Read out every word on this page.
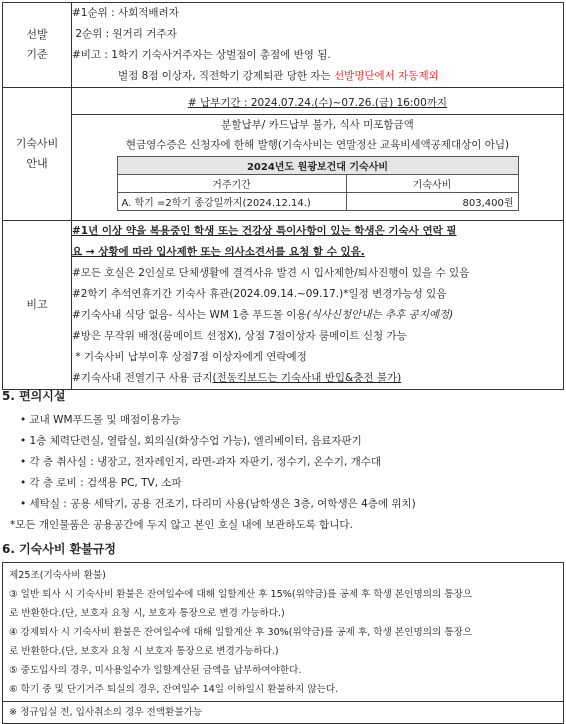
선발
기준

#1순위 : 사회적배려자
2순위 : 원거리 거주자
#비고 : 1학기 기숙사거주자는 상벌점이 총점에 반영 됨.
벌점 8점 이상자, 직전학기 강제퇴관 당한 자는 선발명단에서 자동제외

기숙사비
안내

# 납부기간 : 2024.07.24.(수)~07.26.(금) 16:00까지
분할납부/ 카드납부 불가, 식사 미포함금액
현금영수증은 신청자에 한해 발행(기숙사비는 연말정산 교육비세액공제대상이 아님)
2024년도 원광보건대 기숙사비
거주기간	기숙사비
A. 학기 =2학기 종강일까지(2024.12.14.)	803,400원

비고

#1년 이상 약을 복용중인 학생 또는 건강상 특이사항이 있는 학생은 기숙사 연락 필
요 → 상황에 따라 입사제한 또는 의사소견서를 요청 할 수 있음.
#모든 호실은 2인실로 단체생활에 결격사유 발견 시 입사제한/퇴사진행이 있을 수 있음
#2학기 추석연휴기간 기숙사 휴관(2024.09.14.~09.17.)*일정 변경가능성 있음
#기숙사내 식당 없음- 식사는 WM 1층 푸드몰 이용(식사신청안내는 추후 공지예정)
#방은 무작위 배정(룸메이트 선정X), 상점 7점이상자 룸메이트 신청 가능
* 기숙사비 납부이후 상점7점 이상자에게 연락예정
#기숙사내 전열기구 사용 금지(전동킥보드는 기숙사내 반입&충전 불가)
5. 편의시설
• 교내 WM푸드몰 및 매점이용가능
• 1층 체력단련실, 열람실, 회의실(화상수업 가능), 엘리베이터, 음료자판기
• 각 층 취사실 : 냉장고, 전자레인지, 라면-과자 자판기, 정수기, 온수기, 개수대
• 각 층 로비 : 검색용 PC, TV, 소파
• 세탁실 : 공용 세탁기, 공용 건조기, 다리미 사용(남학생은 3층, 여학생은 4층에 위치)
*모든 개인물품은 공용공간에 두지 않고 본인 호실 내에 보관하도록 합니다.
6. 기숙사비 환불규정
제25조(기숙사비 환불)
③ 일반 퇴사 시 기숙사비 환불은 잔여일수에 대해 일할계산 후 15%(위약금)를 공제 후 학생 본인명의의 통장으
로 반환한다.(단, 보호자 요청 시, 보호자 통장으로 변경 가능하다.)
④ 강제퇴사 시 기숙사비 환불은 잔여일수에 대해 일할계산 후 30%(위약금)를 공제 후, 학생 본인명의의 통장으
로 반환한다.(단, 보호자 요청 시 보호자 통장으로 변경가능하다.)
⑤ 중도입사의 경우, 미사용일수가 일할계산된 금액을 납부하여야한다.
⑥ 학기 중 및 단기거주 퇴실의 경우, 잔여일수 14일 이하일시 환불하지 않는다.
※ 정규입실 전, 입사취소의 경우 전액환불가능
